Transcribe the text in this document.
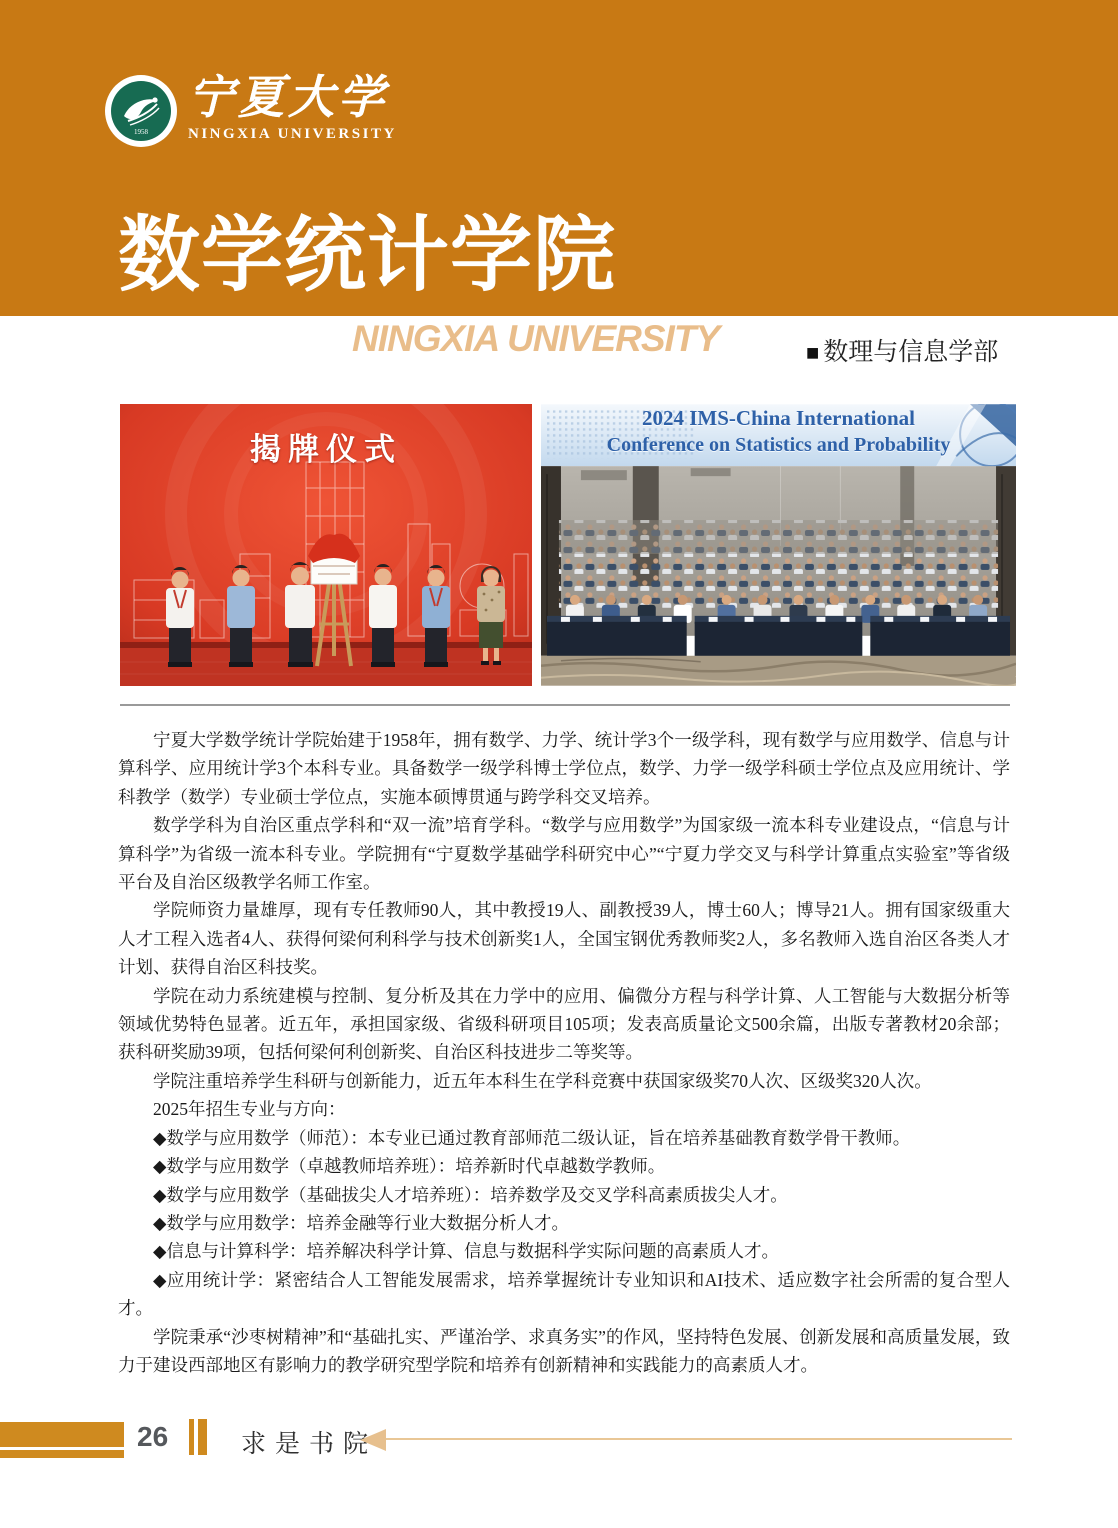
1958
宁夏大学
NINGXIA UNIVERSITY
数学统计学院
NINGXIA UNIVERSITY	■ 数理与信息学部
揭牌仪式
2024 IMS-China International
Conference on Statistics and Probability

宁夏大学数学统计学院始建于1958年，拥有数学、力学、统计学3个一级学科，现有数学与应用数学、信息与计算科学、应用统计学3个本科专业。具备数学一级学科博士学位点，数学、力学一级学科硕士学位点及应用统计、学科教学（数学）专业硕士学位点，实施本硕博贯通与跨学科交叉培养。

数学学科为自治区重点学科和“双一流”培育学科。“数学与应用数学”为国家级一流本科专业建设点，“信息与计算科学”为省级一流本科专业。学院拥有“宁夏数学基础学科研究中心”“宁夏力学交叉与科学计算重点实验室”等省级平台及自治区级教学名师工作室。

学院师资力量雄厚，现有专任教师90人，其中教授19人、副教授39人，博士60人；博导21人。拥有国家级重大人才工程入选者4人、获得何梁何利科学与技术创新奖1人，全国宝钢优秀教师奖2人，多名教师入选自治区各类人才计划、获得自治区科技奖。

学院在动力系统建模与控制、复分析及其在力学中的应用、偏微分方程与科学计算、人工智能与大数据分析等领域优势特色显著。近五年，承担国家级、省级科研项目105项；发表高质量论文500余篇，出版专著教材20余部；获科研奖励39项，包括何梁何利创新奖、自治区科技进步二等奖等。

学院注重培养学生科研与创新能力，近五年本科生在学科竞赛中获国家级奖70人次、区级奖320人次。

2025年招生专业与方向：

◆数学与应用数学（师范）：本专业已通过教育部师范二级认证，旨在培养基础教育数学骨干教师。

◆数学与应用数学（卓越教师培养班）：培养新时代卓越数学教师。

◆数学与应用数学（基础拔尖人才培养班）：培养数学及交叉学科高素质拔尖人才。

◆数学与应用数学：培养金融等行业大数据分析人才。

◆信息与计算科学：培养解决科学计算、信息与数据科学实际问题的高素质人才。

◆应用统计学：紧密结合人工智能发展需求，培养掌握统计专业知识和AI技术、适应数字社会所需的复合型人才。

学院秉承“沙枣树精神”和“基础扎实、严谨治学、求真务实”的作风，坚持特色发展、创新发展和高质量发展，致力于建设西部地区有影响力的教学研究型学院和培养有创新精神和实践能力的高素质人才。

26	求是书院
